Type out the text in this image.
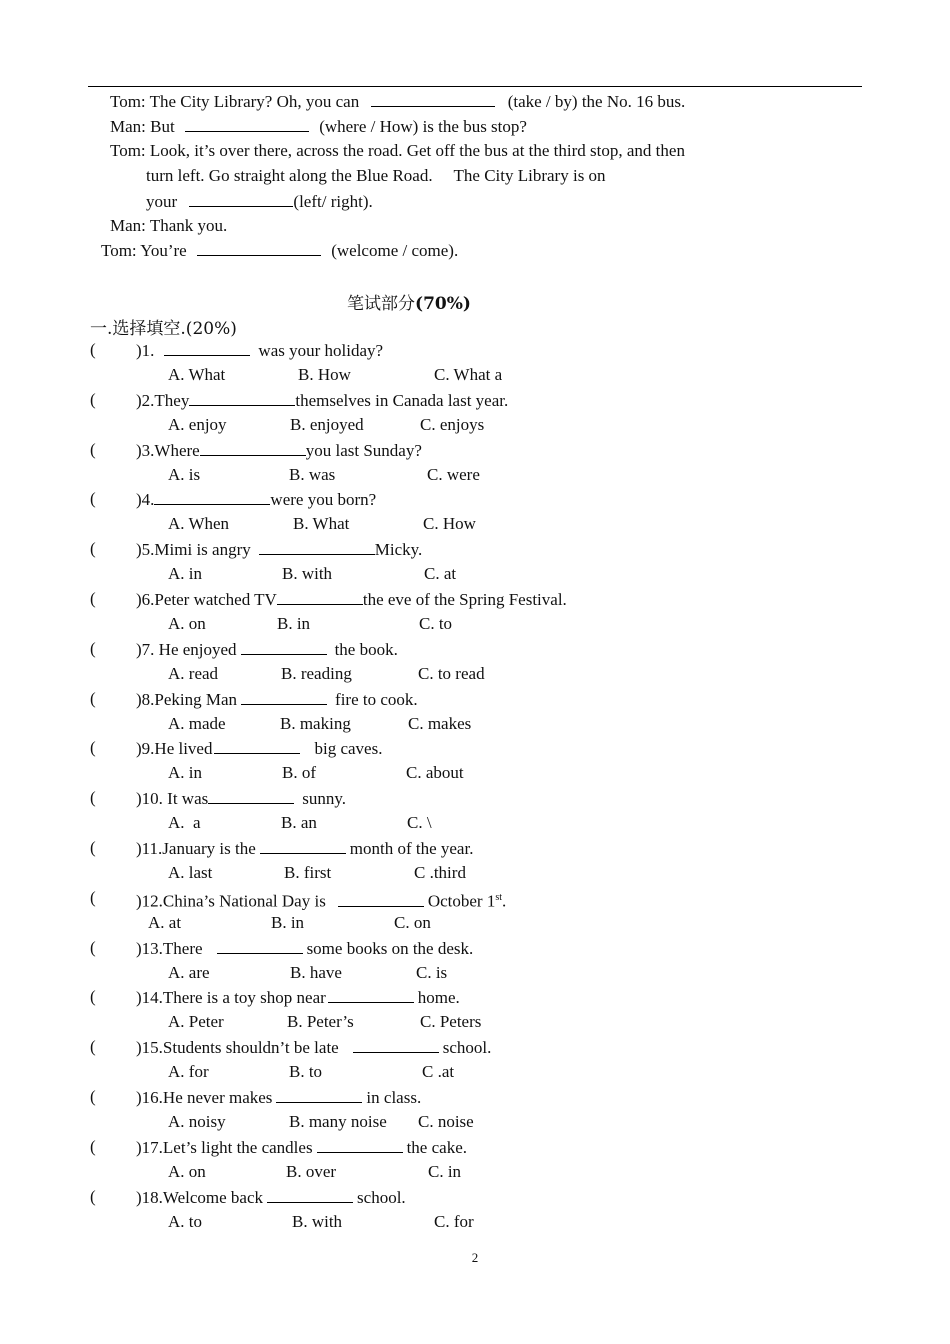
Tom: The City Library? Oh, you can	(take / by) the No. 16 bus.
Man: But	(where / How) is the bus stop?
Tom: Look, it’s over there, across the road. Get off the bus at the third stop, and then
turn left. Go straight along the Blue Road.     The City Library is on
your	(left/ right).
Man: Thank you.
Tom: You’re	(welcome / come).
笔试部分(70%)
一.选择填空.(20%)
( )1.	was your holiday?
A. What	B. How	C. What a
( )2.They	themselves in Canada last year.
A. enjoy	B. enjoyed	C. enjoys
( )3.Where	you last Sunday?
A. is	B. was	C. were
( )4.	were you born?
A. When	B. What	C. How
( )5.Mimi is angry	Micky.
A. in	B. with	C. at
( )6.Peter watched TV	the eve of the Spring Festival.
A. on	B. in	C. to
( )7. He enjoyed	the book.
A. read	B. reading	C. to read
( )8.Peking Man	fire to cook.
A. made	B. making	C. makes
( )9.He lived	big caves.
A. in	B. of	C. about
( )10. It was	sunny.
A.  a	B. an	C. \
( )11.January is the	month of the year.
A. last	B. first	C .third
( )12.China’s National Day is	October 1st.
A. at	B. in	C. on
( )13.There	some books on the desk.
A. are	B. have	C. is
( )14.There is a toy shop near	home.
A. Peter	B. Peter’s	C. Peters
( )15.Students shouldn’t be late	school.
A. for	B. to	C .at
( )16.He never makes	in class.
A. noisy	B. many noise C. noise
( )17.Let’s light the candles	the cake.
A. on	B. over	C. in
( )18.Welcome back	school.
A. to	B. with	C. for
2
